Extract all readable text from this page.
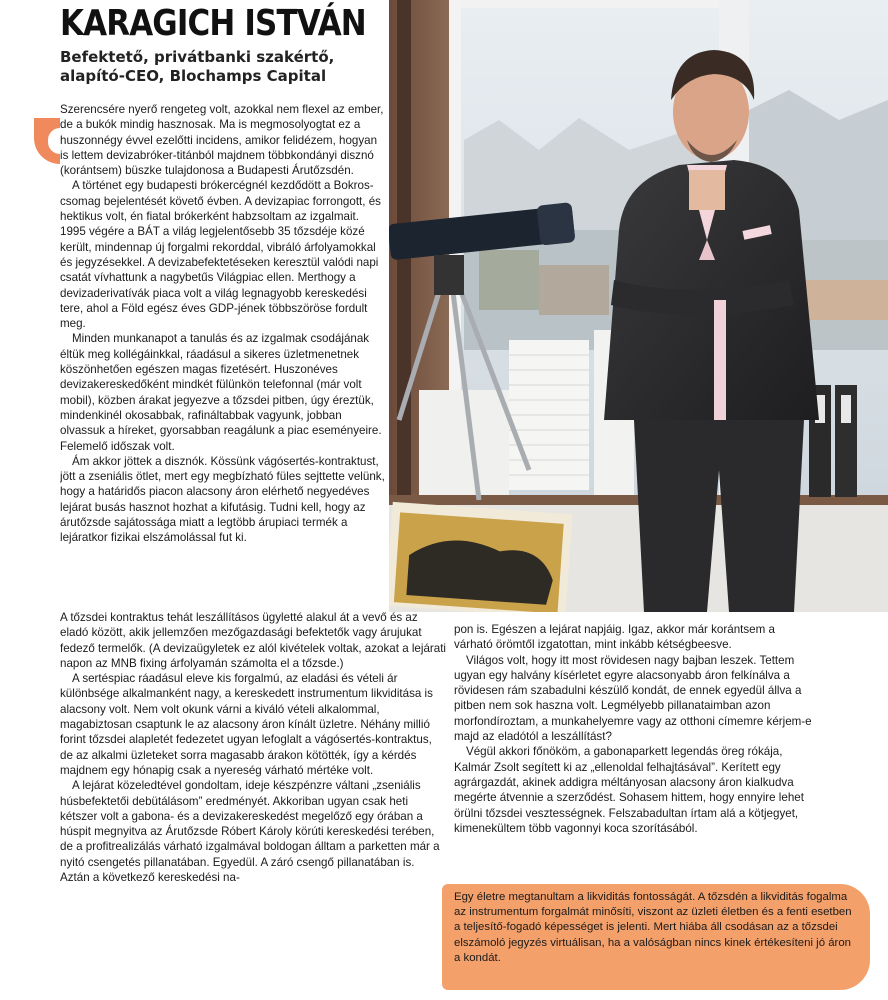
KARAGICH ISTVÁN
Befektető, privátbanki szakértő,
alapító-CEO, Blochamps Capital

Szerencsére nyerő rengeteg volt, azokkal nem flexel az ember, de a bukók mindig hasznosak. Ma is megmosolyogtat ez a huszonnégy évvel ezelőtti incidens, amikor felidézem, hogyan is lettem devizabróker-titánból majdnem többkondányi disznó (korántsem) büszke tulajdonosa a Budapesti Árutőzsdén.

A történet egy budapesti brókercégnél kezdődött a Bokros-csomag bejelentését követő évben. A devizapiac forrongott, és hektikus volt, én fiatal brókerként habzsoltam az izgalmait. 1995 végére a BÁT a világ legjelentősebb 35 tőzsdéje közé került, mindennap új forgalmi rekorddal, vibráló árfolyamokkal és jegyzésekkel. A devizabefektetéseken keresztül valódi napi csatát vívhattunk a nagybetűs Világpiac ellen. Merthogy a devizaderivatívák piaca volt a világ legnagyobb kereskedési tere, ahol a Föld egész éves GDP-jének többszöröse fordult meg.

Minden munkanapot a tanulás és az izgalmak csodájának éltük meg kollégáinkkal, ráadásul a sikeres üzletmenetnek köszönhetően egészen magas fizetésért. Huszonéves devizakereskedőként mindkét fülünkön telefonnal (már volt mobil), közben árakat jegyezve a tőzsdei pitben, úgy éreztük, mindenkinél okosabbak, rafináltabbak vagyunk, jobban olvassuk a híreket, gyorsabban reagálunk a piac eseményeire. Felemelő időszak volt.

Ám akkor jöttek a disznók. Kössünk vágósertés-kontraktust, jött a zseniális ötlet, mert egy megbízható füles sejttette velünk, hogy a határidős piacon alacsony áron elérhető negyedéves lejárat busás hasznot hozhat a kifutásig. Tudni kell, hogy az árutőzsde sajátossága miatt a legtöbb árupiaci termék a lejáratkor fizikai elszámolással fut ki.

A tőzsdei kontraktus tehát leszállításos ügyletté alakul át a vevő és az eladó között, akik jellemzően mezőgazdasági befektetők vagy árujukat fedező termelők. (A devizaügyletek ez alól kivételek voltak, azokat a lejárati napon az MNB fixing árfolyamán számolta el a tőzsde.)

A sertéspiac ráadásul eleve kis forgalmú, az eladási és vételi ár különbsége alkalmanként nagy, a kereskedett instrumentum likviditása is alacsony volt. Nem volt okunk várni a kiváló vételi alkalommal, magabiztosan csaptunk le az alacsony áron kínált üzletre. Néhány millió forint tőzsdei alapletét fedezetet ugyan lefoglalt a vágósertés-kontraktus, de az alkalmi üzleteket sorra magasabb árakon kötötték, így a kérdés majdnem egy hónapig csak a nyereség várható mértéke volt.

A lejárat közeledtével gondoltam, ideje készpénzre váltani „zseniális húsbefektetői debütálásom” eredményét. Akkoriban ugyan csak heti kétszer volt a gabona- és a devizakereskedést megelőző egy órában a húspit megnyitva az Árutőzsde Róbert Károly körúti kereskedési terében, de a profitrealizálás várható izgalmával boldogan álltam a parketten már a nyitó csengetés pillanatában. Egyedül. A záró csengő pillanatában is. Aztán a következő kereskedési na-

pon is. Egészen a lejárat napjáig. Igaz, akkor már korántsem a várható örömtől izgatottan, mint inkább kétségbeesve.

Világos volt, hogy itt most rövidesen nagy bajban leszek. Tettem ugyan egy halvány kísérletet egyre alacsonyabb áron felkínálva a rövidesen rám szabadulni készülő kondát, de ennek egyedül állva a pitben nem sok haszna volt. Legmélyebb pillanataimban azon morfondíroztam, a munkahelyemre vagy az otthoni címemre kérjem-e majd az eladótól a leszállítást?

Végül akkori főnököm, a gabonaparkett legendás öreg rókája, Kalmár Zsolt segített ki az „ellenoldal felhajtásával”. Kerített egy agrárgazdát, akinek addigra méltányosan alacsony áron kialkudva megérte átvennie a szerződést. Sohasem hittem, hogy ennyire lehet örülni tőzsdei vesztességnek. Felszabadultan írtam alá a kötjegyet, kimenekültem több vagonnyi koca szorításából.

Egy életre megtanultam a likviditás fontosságát. A tőzsdén a likviditás fogalma az instrumentum forgalmát minősíti, viszont az üzleti életben és a fenti esetben a teljesítő-fogadó képességet is jelenti. Mert hiába áll csodásan az a tőzsdei elszámoló jegyzés virtuálisan, ha a valóságban nincs kinek értékesíteni jó áron a kondát.
